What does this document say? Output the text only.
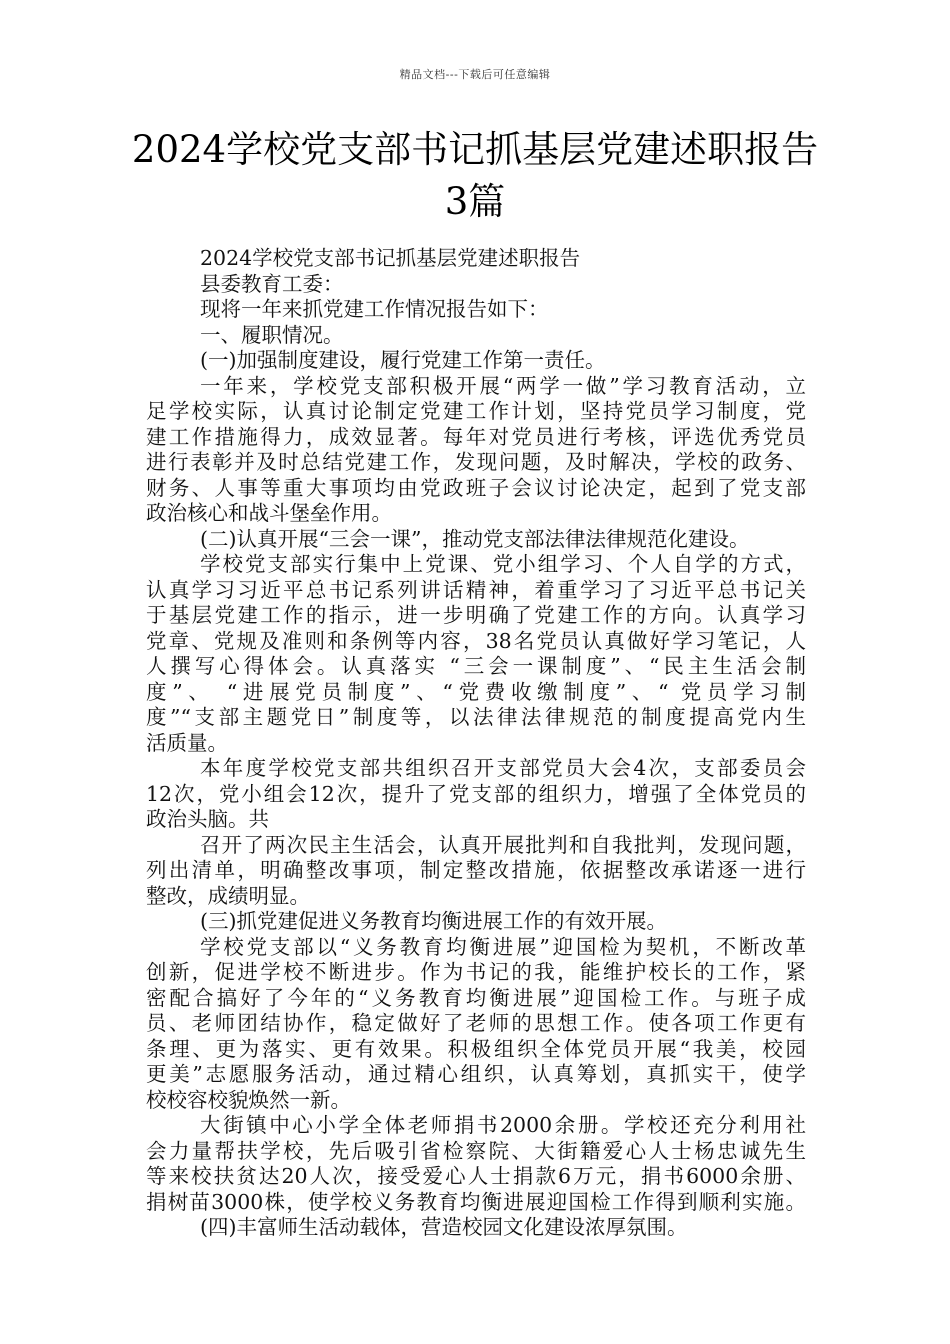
精品文档---下载后可任意编辑
2024学校党支部书记抓基层党建述职报告
3篇
2024学校党支部书记抓基层党建述职报告
县委教育工委：
现将一年来抓党建工作情况报告如下：
一、履职情况。
(一)加强制度建设，履行党建工作第一责任。
一年来，学校党支部积极开展“两学一做”学习教育活动，立
足学校实际，认真讨论制定党建工作计划，坚持党员学习制度，党
建工作措施得力，成效显著。每年对党员进行考核，评选优秀党员
进行表彰并及时总结党建工作，发现问题，及时解决，学校的政务、
财务、人事等重大事项均由党政班子会议讨论决定，起到了党支部
政治核心和战斗堡垒作用。
(二)认真开展“三会一课”，推动党支部法律法律规范化建设。
学校党支部实行集中上党课、党小组学习、个人自学的方式，
认真学习习近平总书记系列讲话精神，着重学习了习近平总书记关
于基层党建工作的指示，进一步明确了党建工作的方向。认真学习
党章、党规及准则和条例等内容，38名党员认真做好学习笔记，人
人撰写心得体会。认真落实 “三会一课制度”、“民主生活会制
度”、 “进展党员制度”、“党费收缴制度”、“ 党员学习制
度”“支部主题党日”制度等，以法律法律规范的制度提高党内生
活质量。
本年度学校党支部共组织召开支部党员大会4次，支部委员会
12次，党小组会12次，提升了党支部的组织力，增强了全体党员的
政治头脑。共
召开了两次民主生活会，认真开展批判和自我批判，发现问题，
列出清单，明确整改事项，制定整改措施，依据整改承诺逐一进行
整改，成绩明显。
(三)抓党建促进义务教育均衡进展工作的有效开展。
学校党支部以“义务教育均衡进展”迎国检为契机，不断改革
创新，促进学校不断进步。作为书记的我，能维护校长的工作，紧
密配合搞好了今年的“义务教育均衡进展”迎国检工作。与班子成
员、老师团结协作，稳定做好了老师的思想工作。使各项工作更有
条理、更为落实、更有效果。积极组织全体党员开展“我美，校园
更美”志愿服务活动，通过精心组织，认真筹划，真抓实干，使学
校校容校貌焕然一新。
大街镇中心小学全体老师捐书2000余册。学校还充分利用社
会力量帮扶学校，先后吸引省检察院、大街籍爱心人士杨忠诚先生
等来校扶贫达20人次，接受爱心人士捐款6万元，捐书6000余册、
捐树苗3000株，使学校义务教育均衡进展迎国检工作得到顺利实施。
(四)丰富师生活动载体，营造校园文化建设浓厚氛围。
